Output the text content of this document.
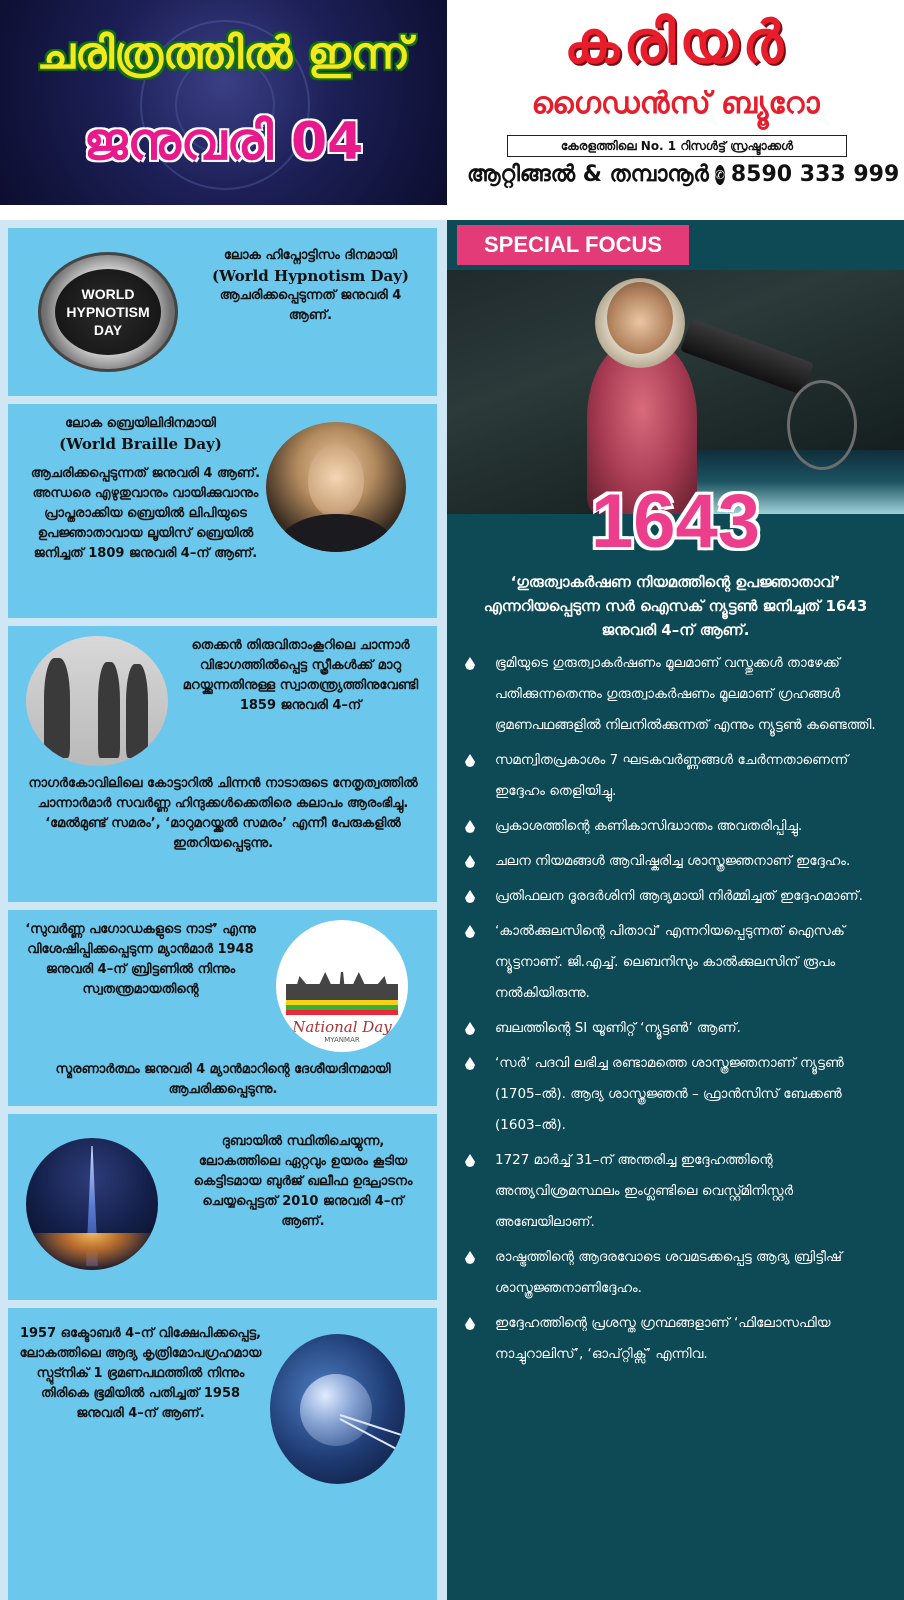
ചരിത്രത്തിൽ ഇന്ന്
ജനുവരി 04
കരിയർ
ഗൈഡൻസ് ബ്യൂറോ
കേരളത്തിലെ No. 1 റിസൾട്ട് സ്രഷ്ടാക്കൾ
ആറ്റിങ്ങൽ & തമ്പാനൂർ ✆ 8590 333 999
WORLD HYPNOTISM DAY
ലോക ഹിപ്നോട്ടിസം ദിനമായി
(World Hypnotism Day)
ആചരിക്കപ്പെടുന്നത് ജനുവരി 4 ആണ്.
ലോക ബ്രെയിലിദിനമായി
(World Braille Day)
ആചരിക്കപ്പെടുന്നത് ജനുവരി 4 ആണ്. അന്ധരെ എഴുതുവാനും വായിക്കുവാനും പ്രാപ്തരാക്കിയ ബ്രെയിൽ ലിപിയുടെ ഉപജ്ഞാതാവായ ലൂയിസ് ബ്രെയിൽ ജനിച്ചത് 1809 ജനുവരി 4–ന് ആണ്.
തെക്കൻ തിരുവിതാംകൂറിലെ ചാന്നാർ വിഭാഗത്തിൽപ്പെട്ട സ്ത്രീകൾക്ക് മാറു മറയ്ക്കുന്നതിനുള്ള സ്വാതന്ത്ര്യത്തിനുവേണ്ടി 1859 ജനുവരി 4–ന്
നാഗർകോവിലിലെ കോട്ടാറിൽ ചിന്നൻ നാടാരുടെ നേതൃത്വത്തിൽ ചാന്നാർമാർ സവർണ്ണ ഹിന്ദുക്കൾക്കെതിരെ കലാപം ആരംഭിച്ചു. ‘മേൽമുണ്ട് സമരം’, ‘മാറുമറയ്ക്കൽ സമരം’ എന്നീ പേരുകളിൽ ഇതറിയപ്പെടുന്നു.
‘സുവർണ്ണ പഗോഡകളുടെ നാട്’ എന്നു വിശേഷിപ്പിക്കപ്പെടുന്ന മ്യാൻമാർ 1948 ജനുവരി 4–ന് ബ്രിട്ടണിൽ നിന്നും സ്വതന്ത്രമായതിന്റെ
National Day
MYANMAR
സ്മരണാർത്ഥം ജനുവരി 4 മ്യാൻമാറിന്റെ ദേശീയദിനമായി ആചരിക്കപ്പെടുന്നു.
ദുബായിൽ സ്ഥിതിചെയ്യുന്ന, ലോകത്തിലെ ഏറ്റവും ഉയരം കൂടിയ കെട്ടിടമായ ബുർജ് ഖലീഫ ഉദ്ഘാടനം ചെയ്യപ്പെട്ടത് 2010 ജനുവരി 4–ന് ആണ്.
1957 ഒക്ടോബർ 4–ന് വിക്ഷേപിക്കപ്പെട്ട, ലോകത്തിലെ ആദ്യ കൃത്രിമോപഗ്രഹമായ സ്പുട്നിക് 1 ഭ്രമണപഥത്തിൽ നിന്നും തിരികെ ഭൂമിയിൽ പതിച്ചത് 1958 ജനുവരി 4–ന് ആണ്.
SPECIAL FOCUS
1643
‘ഗുരുത്വാകർഷണ നിയമത്തിന്റെ ഉപജ്ഞാതാവ്’ എന്നറിയപ്പെടുന്ന സർ ഐസക് ന്യൂട്ടൺ ജനിച്ചത് 1643 ജനുവരി 4–ന് ആണ്.
ഭൂമിയുടെ ഗുരുത്വാകർഷണം മൂലമാണ് വസ്തുക്കൾ താഴേക്ക് പതിക്കുന്നതെന്നും ഗുരുത്വാകർഷണം മൂലമാണ് ഗ്രഹങ്ങൾ ഭ്രമണപഥങ്ങളിൽ നിലനിൽക്കുന്നത് എന്നും ന്യൂട്ടൺ കണ്ടെത്തി.
സമന്വിതപ്രകാശം 7 ഘടകവർണ്ണങ്ങൾ ചേർന്നതാണെന്ന് ഇദ്ദേഹം തെളിയിച്ചു.
പ്രകാശത്തിന്റെ കണികാസിദ്ധാന്തം അവതരിപ്പിച്ചു.
ചലന നിയമങ്ങൾ ആവിഷ്കരിച്ച ശാസ്ത്രജ്ഞനാണ് ഇദ്ദേഹം.
പ്രതിഫലന ദൂരദർശിനി ആദ്യമായി നിർമ്മിച്ചത് ഇദ്ദേഹമാണ്.
‘കാൽക്കുലസിന്റെ പിതാവ്’ എന്നറിയപ്പെടുന്നത് ഐസക് ന്യൂട്ടനാണ്. ജി.എച്ച്. ലെബനിസും കാൽക്കുലസിന് രൂപം നൽകിയിരുന്നു.
ബലത്തിന്റെ SI യൂണിറ്റ് ‘ന്യൂട്ടൺ’ ആണ്.
‘സർ’ പദവി ലഭിച്ച രണ്ടാമത്തെ ശാസ്ത്രജ്ഞനാണ് ന്യൂട്ടൺ (1705–ൽ). ആദ്യ ശാസ്ത്രജ്ഞൻ – ഫ്രാൻസിസ് ബേക്കൺ (1603–ൽ).
1727 മാർച്ച് 31–ന് അന്തരിച്ച ഇദ്ദേഹത്തിന്റെ അന്ത്യവിശ്രമസ്ഥലം ഇംഗ്ലണ്ടിലെ വെസ്റ്റ്മിനിസ്റ്റർ അബേയിലാണ്.
രാഷ്ട്രത്തിന്റെ ആദരവോടെ ശവമടക്കപ്പെട്ട ആദ്യ ബ്രിട്ടീഷ് ശാസ്ത്രജ്ഞനാണിദ്ദേഹം.
ഇദ്ദേഹത്തിന്റെ പ്രശസ്ത ഗ്രന്ഥങ്ങളാണ് ‘ഫിലോസഫിയ നാച്ചുറാലിസ്’, ‘ഓപ്റ്റിക്സ്’ എന്നിവ.
